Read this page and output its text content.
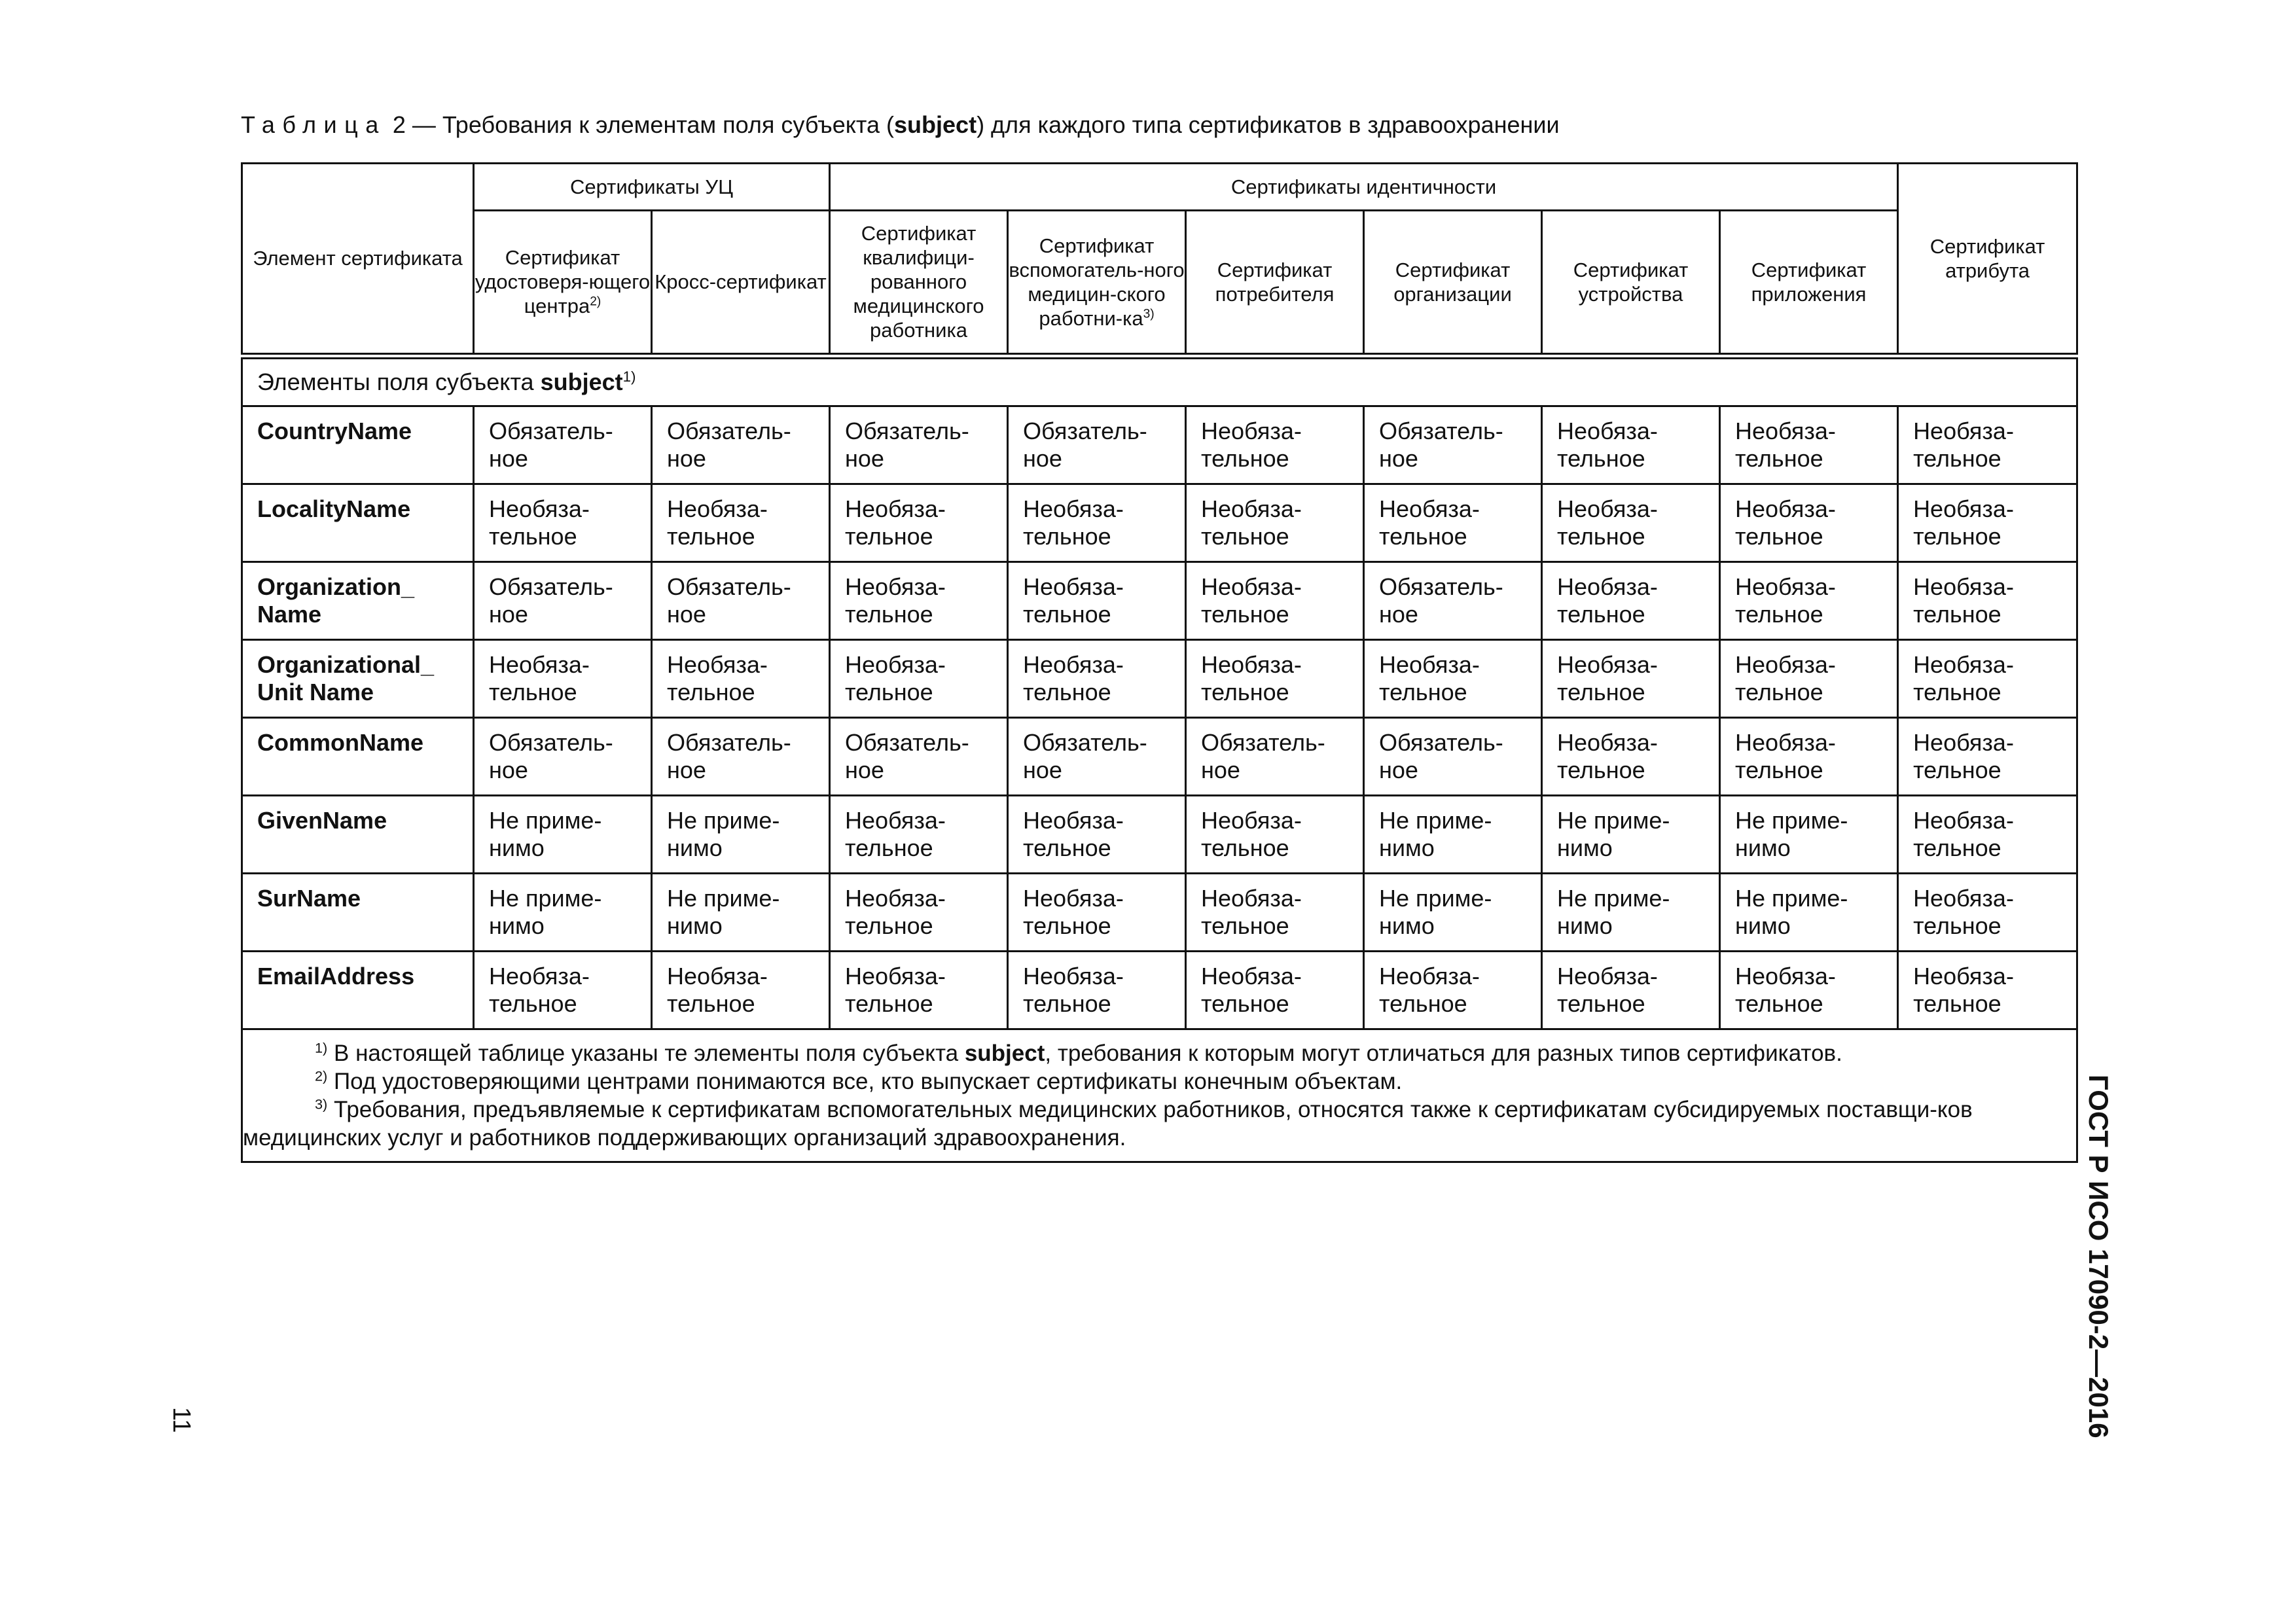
Таблица 2 — Требования к элементам поля субъекта (subject) для каждого типа сертификатов в здравоохранении
Элемент сертификата	Сертификаты УЦ		Сертификаты идентичности						Сертификат атрибута
	Сертификат удостоверя-ющего центра$^{2)}$	Кросс-сертификат	Сертификат квалифици-рованного медицинского работника	Сертификат вспомогатель-ного медицин-ского работни-$ка^{3)}$	Сертификат потребителя	Сертификат организации	Сертификат устройства	Сертификат приложения	
Элементы поля субъекта subject$^{1)}$
CountryName	Обязатель-ное	Обязатель-ное	Обязатель-ное	Обязатель-ное	Необяза-тельное	Обязатель-ное	Необяза-тельное	Необяза-тельное	Необяза-тельное
LocalityName	Необяза-тельное	Необяза-тельное	Необяза-тельное	Необяза-тельное	Необяза-тельное	Необяза-тельное	Необяза-тельное	Необяза-тельное	Необяза-тельное
Organization_ Name	Обязатель-ное	Обязатель-ное	Необяза-тельное	Необяза-тельное	Необяза-тельное	Обязатель-ное	Необяза-тельное	Необяза-тельное	Необяза-тельное
Organizational_ Unit Name	Необяза-тельное	Необяза-тельное	Необяза-тельное	Необяза-тельное	Необяза-тельное	Необяза-тельное	Необяза-тельное	Необяза-тельное	Необяза-тельное
CommonName	Обязатель-ное	Обязатель-ное	Обязатель-ное	Обязатель-ное	Обязатель-ное	Обязатель-ное	Необяза-тельное	Необяза-тельное	Необяза-тельное
GivenName	Не приме-нимо	Не приме-нимо	Необяза-тельное	Необяза-тельное	Необяза-тельное	Не приме-нимо	Не приме-нимо	Не приме-нимо	Необяза-тельное
SurName	Не приме-нимо	Не приме-нимо	Необяза-тельное	Необяза-тельное	Необяза-тельное	Не приме-нимо	Не приме-нимо	Не приме-нимо	Необяза-тельное
EmailAddress	Необяза-тельное	Необяза-тельное	Необяза-тельное	Необяза-тельное	Необяза-тельное	Необяза-тельное	Необяза-тельное	Необяза-тельное	Необяза-тельное

$^{1)}$ В настоящей таблице указаны те элементы поля субъекта subject, требования к которым могут отличаться для разных типов сертификатов.

$^{2)}$ Под удостоверяющими центрами понимаются все, кто выпускает сертификаты конечным объектам.

$^{3)}$ Требования, предъявляемые к сертификатам вспомогательных медицинских работников, относятся также к сертификатам субсидируемых поставщи-ков медицинских услуг и работников поддерживающих организаций здравоохранения.										ГОСТ Р ИСО 17090-2—2016
11
